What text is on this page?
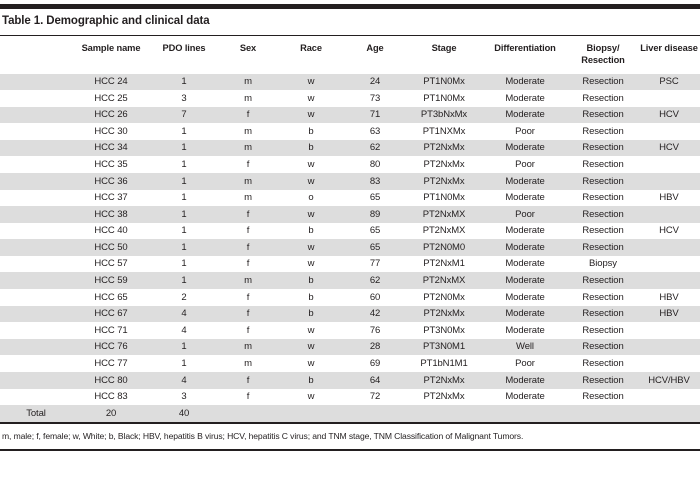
Table 1. Demographic and clinical data
	Sample name	PDO lines	Sex	Race	Age	Stage	Differentiation	Biopsy/
Resection	Liver disease
	HCC 24	1	m	w	24	PT1N0Mx	Moderate	Resection	PSC
	HCC 25	3	m	w	73	PT1N0Mx	Moderate	Resection	
	HCC 26	7	f	w	71	PT3bNxMx	Moderate	Resection	HCV
	HCC 30	1	m	b	63	PT1NXMx	Poor	Resection	
	HCC 34	1	m	b	62	PT2NxMx	Moderate	Resection	HCV
	HCC 35	1	f	w	80	PT2NxMx	Poor	Resection	
	HCC 36	1	m	w	83	PT2NxMx	Moderate	Resection	
	HCC 37	1	m	o	65	PT1N0Mx	Moderate	Resection	HBV
	HCC 38	1	f	w	89	PT2NxMX	Poor	Resection	
	HCC 40	1	f	b	65	PT2NxMX	Moderate	Resection	HCV
	HCC 50	1	f	w	65	PT2N0M0	Moderate	Resection	
	HCC 57	1	f	w	77	PT2NxM1	Moderate	Biopsy	
	HCC 59	1	m	b	62	PT2NxMX	Moderate	Resection	
	HCC 65	2	f	b	60	PT2N0Mx	Moderate	Resection	HBV
	HCC 67	4	f	b	42	PT2NxMx	Moderate	Resection	HBV
	HCC 71	4	f	w	76	PT3N0Mx	Moderate	Resection	
	HCC 76	1	m	w	28	PT3N0M1	Well	Resection	
	HCC 77	1	m	w	69	PT1bN1M1	Poor	Resection	
	HCC 80	4	f	b	64	PT2NxMx	Moderate	Resection	HCV/HBV
	HCC 83	3	f	w	72	PT2NxMx	Moderate	Resection	
Total	20	40							
m, male; f, female; w, White; b, Black; HBV, hepatitis B virus; HCV, hepatitis C virus; and TNM stage, TNM Classification of Malignant Tumors.
